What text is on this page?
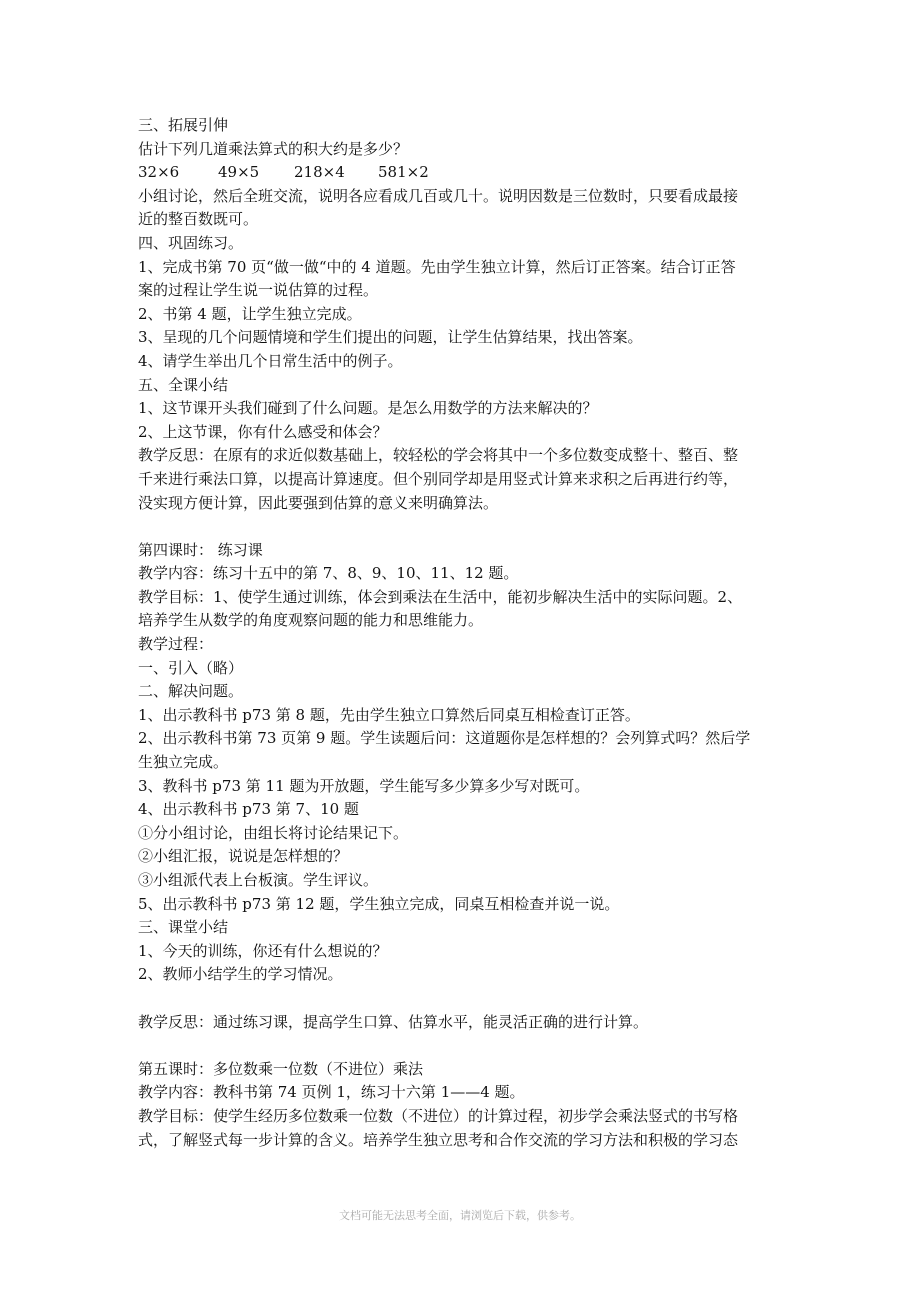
三、拓展引伸

估计下列几道乘法算式的积大约是多少？

32×6	49×5 218×4 581×2

小组讨论，然后全班交流，说明各应看成几百或几十。说明因数是三位数时，只要看成最接

近的整百数既可。

四、巩固练习。

1、完成书第 70 页“做一做“中的 4 道题。先由学生独立计算，然后订正答案。结合订正答

案的过程让学生说一说估算的过程。

2、书第 4 题，让学生独立完成。

3、呈现的几个问题情境和学生们提出的问题，让学生估算结果，找出答案。

4、请学生举出几个日常生活中的例子。

五、全课小结

1、这节课开头我们碰到了什么问题。是怎么用数学的方法来解决的？

2、上这节课，你有什么感受和体会？

教学反思：在原有的求近似数基础上，较轻松的学会将其中一个多位数变成整十、整百、整

千来进行乘法口算，以提高计算速度。但个别同学却是用竖式计算来求积之后再进行约等，

没实现方便计算，因此要强到估算的意义来明确算法。

第四课时： 练习课

教学内容：练习十五中的第 7、8、9、10、11、12 题。

教学目标：1、使学生通过训练，体会到乘法在生活中，能初步解决生活中的实际问题。2、

培养学生从数学的角度观察问题的能力和思维能力。

教学过程：

一、引入（略）

二、解决问题。

1、出示教科书 p73 第 8 题，先由学生独立口算然后同桌互相检查订正答。

2、出示教科书第 73 页第 9 题。学生读题后问：这道题你是怎样想的？会列算式吗？然后学

生独立完成。

3、教科书 p73 第 11 题为开放题，学生能写多少算多少写对既可。

4、出示教科书 p73 第 7、10 题

①分小组讨论，由组长将讨论结果记下。

②小组汇报，说说是怎样想的？

③小组派代表上台板演。学生评议。

5、出示教科书 p73 第 12 题，学生独立完成，同桌互相检查并说一说。

三、课堂小结

1、今天的训练，你还有什么想说的？

2、教师小结学生的学习情况。

教学反思：通过练习课，提高学生口算、估算水平，能灵活正确的进行计算。

第五课时：多位数乘一位数（不进位）乘法

教学内容：教科书第 74 页例 1，练习十六第 1——4 题。

教学目标：使学生经历多位数乘一位数（不进位）的计算过程，初步学会乘法竖式的书写格

式，了解竖式每一步计算的含义。培养学生独立思考和合作交流的学习方法和积极的学习态

文档可能无法思考全面，请浏览后下载，供参考。
